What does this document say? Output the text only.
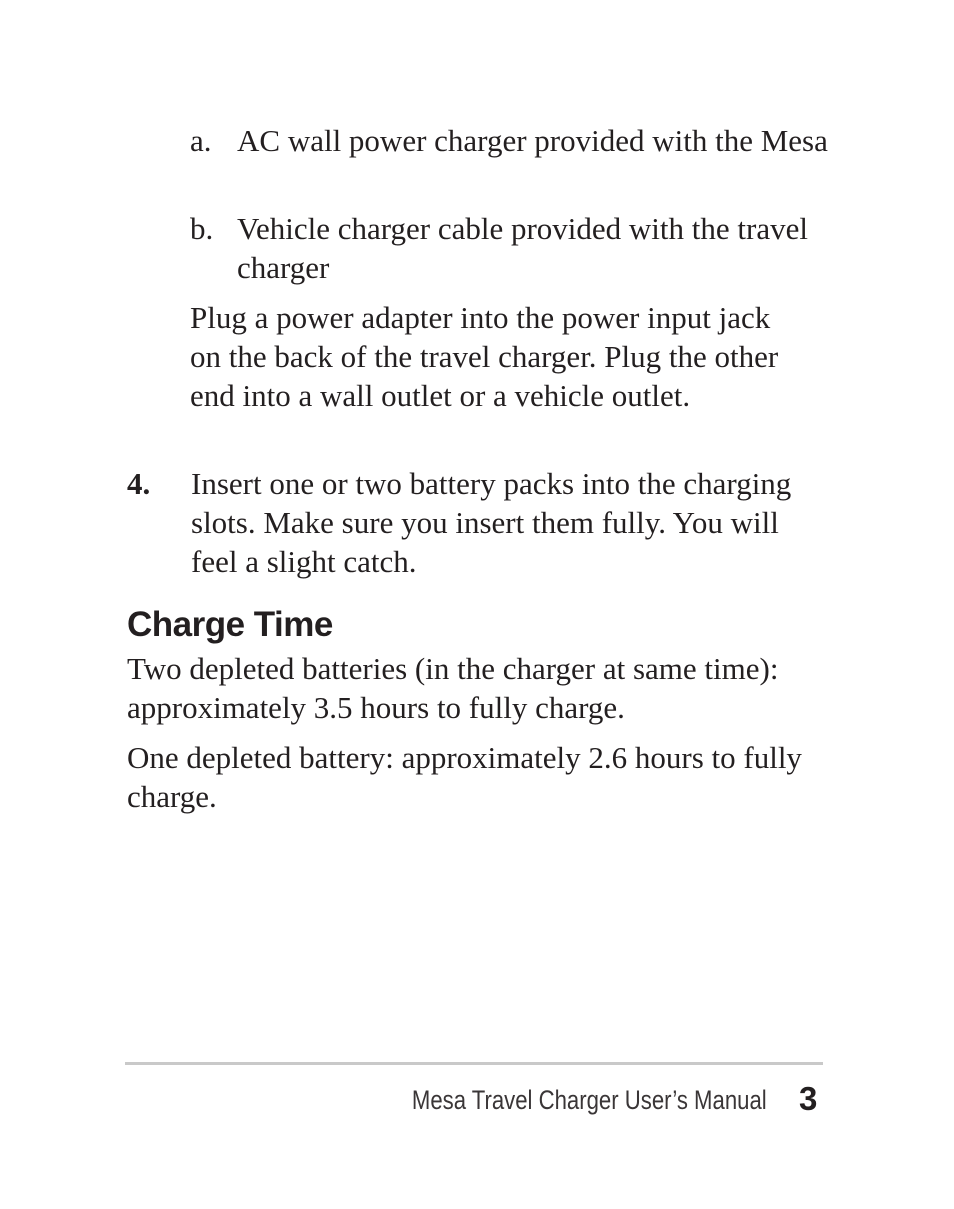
a. AC wall power charger provided with the Mesa
b. Vehicle charger cable provided with the travel charger
Plug a power adapter into the power input jack on the back of the travel charger. Plug the other end into a wall outlet or a vehicle outlet.
4. Insert one or two battery packs into the charging slots. Make sure you insert them fully. You will feel a slight catch.
Charge Time
Two depleted batteries (in the charger at same time): approximately 3.5 hours to fully charge.
One depleted battery: approximately 2.6 hours to fully charge.
Mesa Travel Charger User’s Manual 3
